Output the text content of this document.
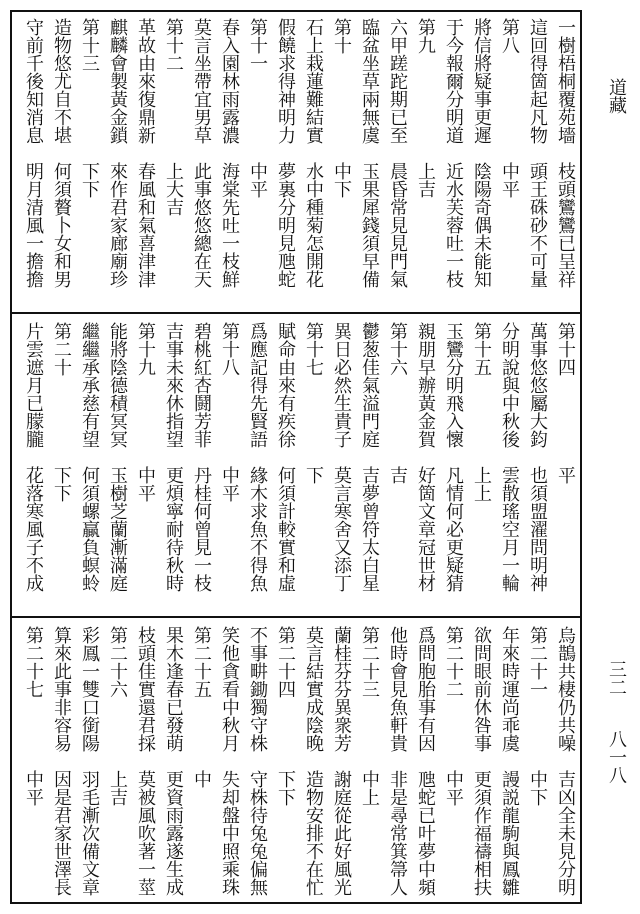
一樹梧桐覆苑墻　枝頭鸞鸞已呈祥
這回得箇起凡物　頭王硃砂不可量
第八　　　　　　中平
將信將疑事更遲　陰陽奇偶未能知
于今報爾分明道　近水芙蓉吐一枝
第九　　　　　　上吉
六甲蹉跎期已至　晨昏常見見門氣
臨盆坐草兩無虞　玉果犀錢須早備
第十　　　　　　中下
石上栽蓮難結實　水中種菊怎開花
假饒求得神明力　夢裏分明見虺蛇
第十一　　　　　中平
春入園林雨露濃　海棠先吐一枝鮮
莫言坐帶宜男草　此事悠悠總在天
第十二　　　　　上大吉
革故由來復鼎新　春風和氣喜津津
麒麟會製黃金鎖　來作君家廊廟珍
第十三　　　　　下下
造物悠尤自不堪　何須贅卜女和男
守前千後知消息　明月清風一擔擔
第十四　　　　　平
萬事悠悠屬大鈞　也須盟濯問明神
分明說與中秋後　雲散瑤空月一輪
第十五　　　　　上上
玉鸞分明飛入懷　凡情何必更疑猜
親朋早辦黃金賀　好箇文章冠世材
第十六　　　　　吉
鬱葱佳氣溢門庭　吉夢曾符太白星
異日必然生貴子　莫言寒舍又添丁
第十七　　　　　下
賦命由來有疾徐　何須計較實和虛
爲應記得先賢語　緣木求魚不得魚
第十八　　　　　中平
碧桃紅杏鬪芳菲　丹桂何曾見一枝
吉事未來休指望　更煩寧耐待秋時
第十九　　　　　中平
能將陰德積冥冥　玉樹芝蘭漸滿庭
繼繼承承慈有望　何須螺贏負螟蛉
第二十　　　　　下下
片雲遮月已朦朧　花落寒風子不成
烏鵲共棲仍共噪　吉凶全未見分明
第二十一　　　　中下
年來時運尚乖虞　謾説龍駒與鳳雛
欲問眼前休咎事　更須作福禱相扶
第二十二　　　　中平
爲問胞胎事有因　虺蛇已叶夢中頻
他時會見魚軒貴　非是尋常箕箒人
第二十三　　　　中上
蘭桂芬芬異衆芳　謝庭從此好風光
莫言結實成陰晚　造物安排不在忙
第二十四　　　　下下
不事畊鋤獨守株　守株待兔兔偏無
笑他貪看中秋月　失却盤中照乘珠
第二十五　　　　中
果木逢春已發萌　更資雨露遂生成
枝頭佳實還君採　莫被風吹著一莖
第二十六　　　　上吉
彩鳳一雙口銜陽　羽毛漸次備文章
算來此事非容易　因是君家世澤長
第二十七　　　　中平
道藏
三二
八一八
